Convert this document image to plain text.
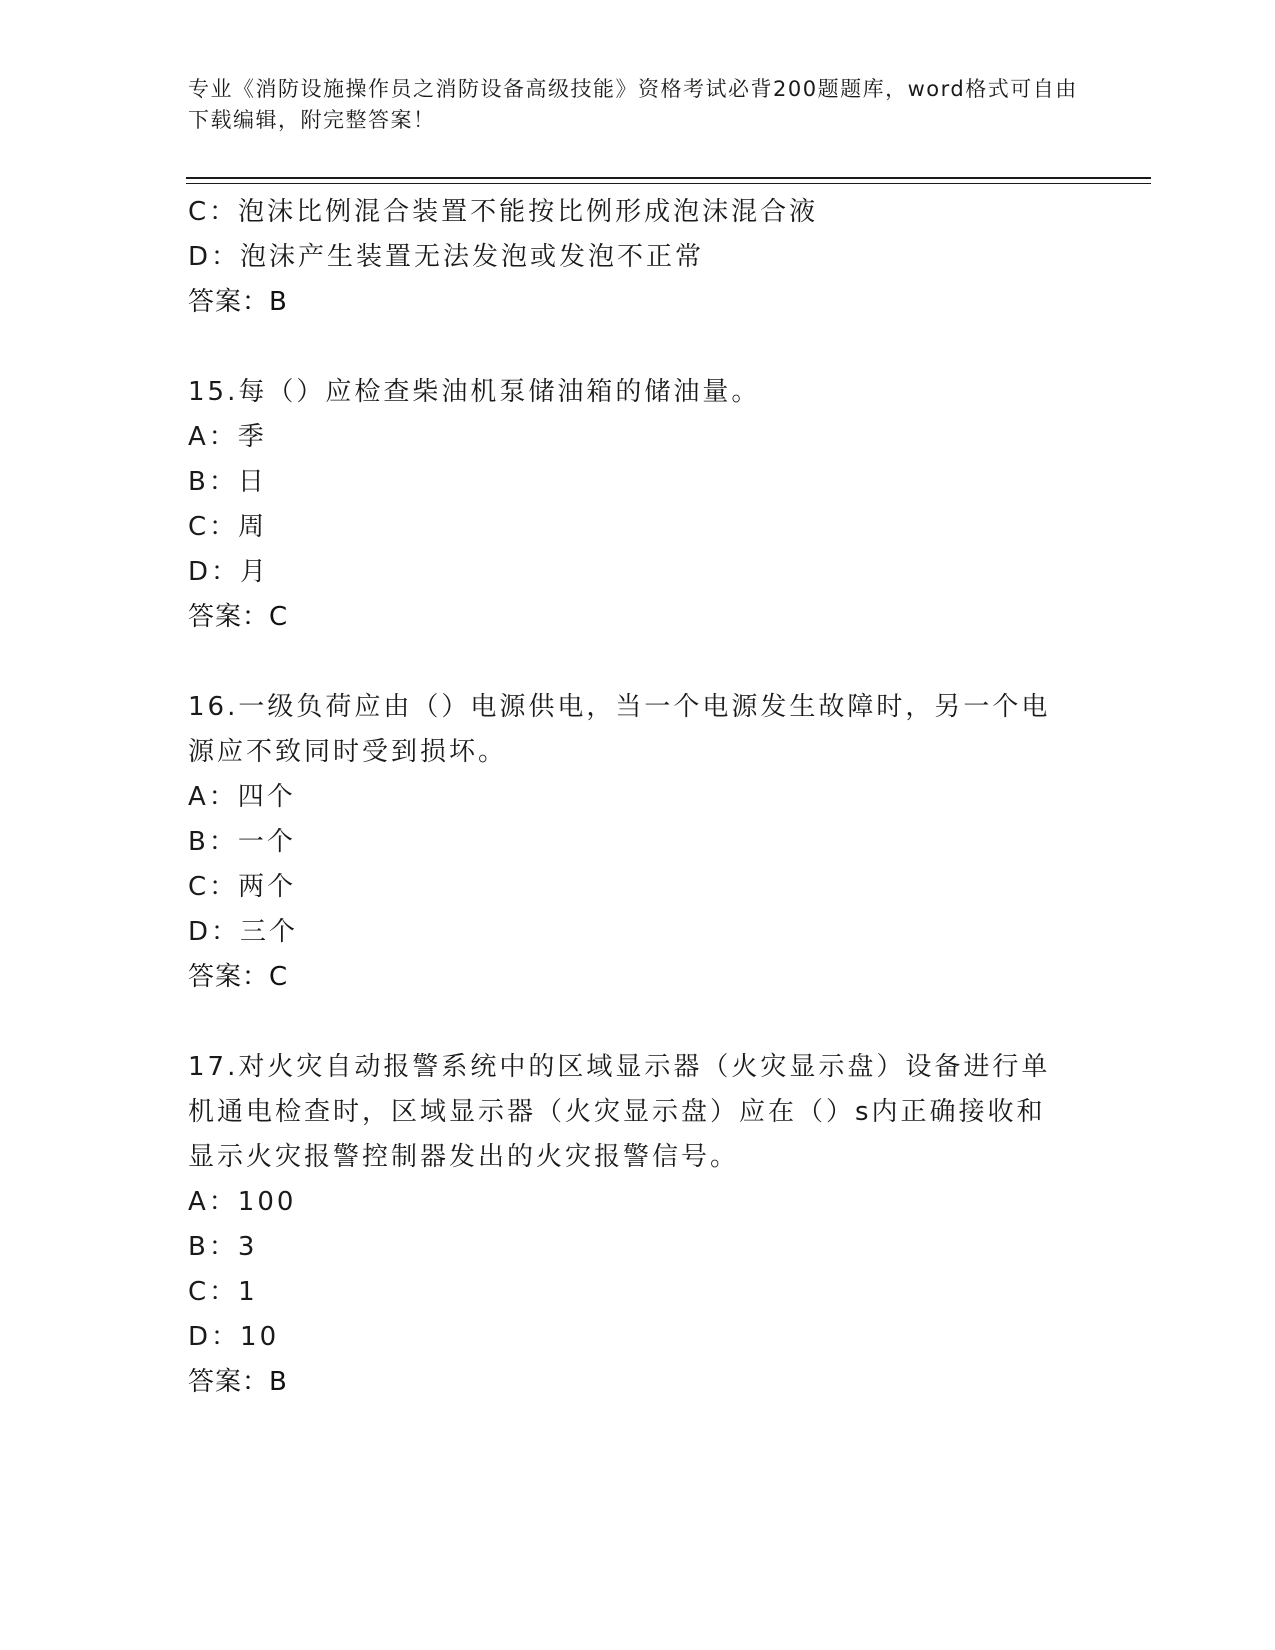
专业《消防设施操作员之消防设备高级技能》资格考试必背200题题库，word格式可自由下载编辑，附完整答案！
C：泡沫比例混合装置不能按比例形成泡沫混合液
D：泡沫产生装置无法发泡或发泡不正常
答案：B
15.每（）应检查柴油机泵储油箱的储油量。
A：季
B：日
C：周
D：月
答案：C
16.一级负荷应由（）电源供电，当一个电源发生故障时，另一个电源应不致同时受到损坏。
A：四个
B：一个
C：两个
D：三个
答案：C
17.对火灾自动报警系统中的区域显示器（火灾显示盘）设备进行单机通电检查时，区域显示器（火灾显示盘）应在（）s内正确接收和显示火灾报警控制器发出的火灾报警信号。
A：100
B：3
C：1
D：10
答案：B
